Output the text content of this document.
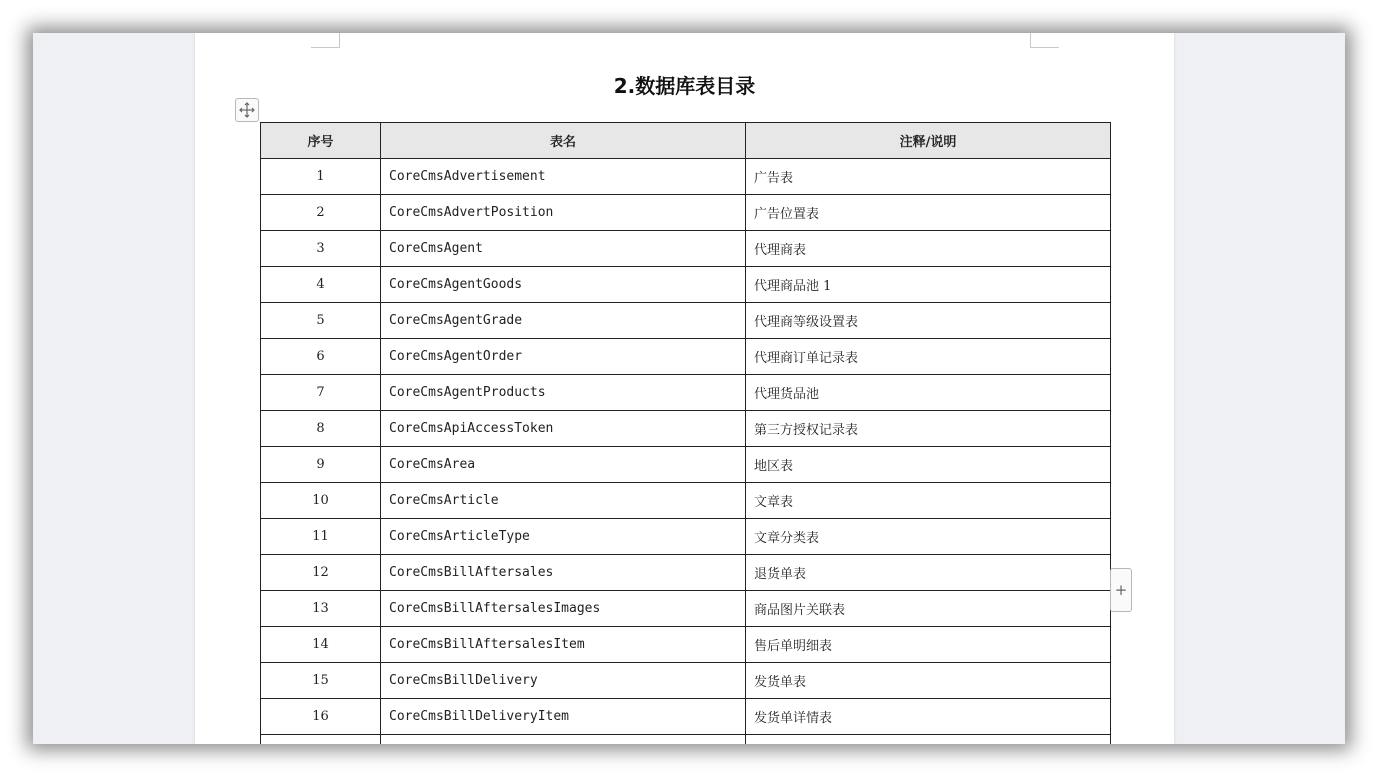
2.数据库表目录
序号	表名	注释/说明
1	CoreCmsAdvertisement	广告表
2	CoreCmsAdvertPosition	广告位置表
3	CoreCmsAgent	代理商表
4	CoreCmsAgentGoods	代理商品池 1
5	CoreCmsAgentGrade	代理商等级设置表
6	CoreCmsAgentOrder	代理商订单记录表
7	CoreCmsAgentProducts	代理货品池
8	CoreCmsApiAccessToken	第三方授权记录表
9	CoreCmsArea	地区表
10	CoreCmsArticle	文章表
11	CoreCmsArticleType	文章分类表
12	CoreCmsBillAftersales	退货单表
13	CoreCmsBillAftersalesImages	商品图片关联表
14	CoreCmsBillAftersalesItem	售后单明细表
15	CoreCmsBillDelivery	发货单表
16	CoreCmsBillDeliveryItem	发货单详情表

+
